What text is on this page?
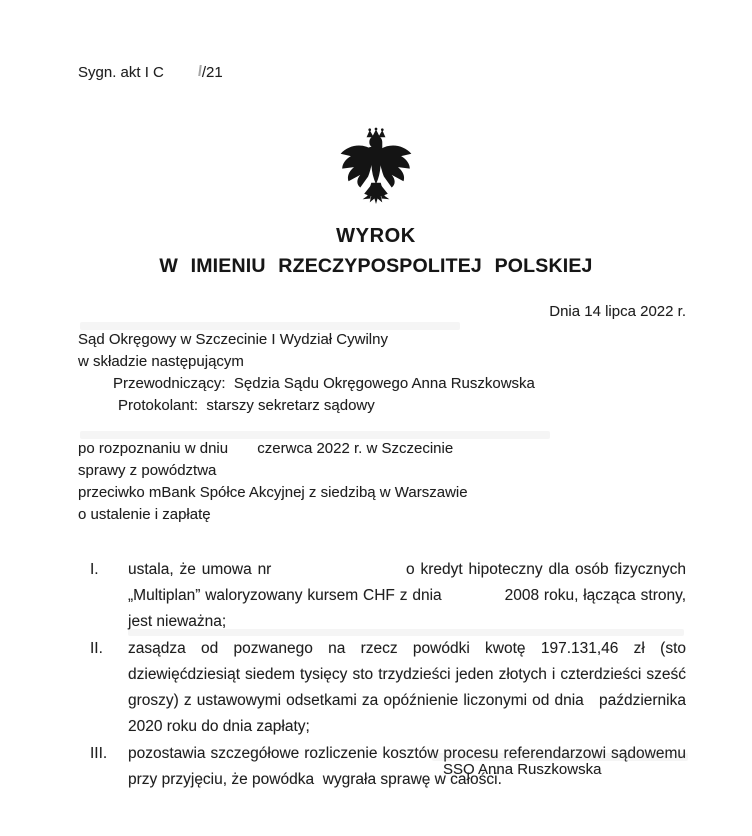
Sygn. akt I C	/21
WYROK
W IMIENIU RZECZYPOSPOLITEJ POLSKIEJ
Dnia 14 lipca 2022 r.
Sąd Okręgowy w Szczecinie I Wydział Cywilny
w składzie następującym
Przewodniczący:  Sędzia Sądu Okręgowego Anna Ruszkowska
Protokolant:  starszy sekretarz sądowy
po rozpoznaniu w dniu       czerwca 2022 r. w Szczecinie
sprawy z powództwa
przeciwko mBank Spółce Akcyjnej z siedzibą w Warszawie
o ustalenie i zapłatę
I.	ustala, że umowa nr                       o kredyt hipoteczny dla osób fizycznych „Multiplan” waloryzowany kursem CHF z dnia             2008 roku, łącząca strony, jest nieważna;
II.	zasądza od pozwanego na rzecz powódki kwotę 197.131,46 zł (sto dziewięćdziesiąt siedem tysięcy sto trzydzieści jeden złotych i czterdzieści sześć groszy) z ustawowymi odsetkami za opóźnienie liczonymi od dnia   października 2020 roku do dnia zapłaty;
III.	pozostawia szczegółowe rozliczenie kosztów procesu referendarzowi sądowemu przy przyjęciu, że powódka  wygrała sprawę w całości.
SSO Anna Ruszkowska
